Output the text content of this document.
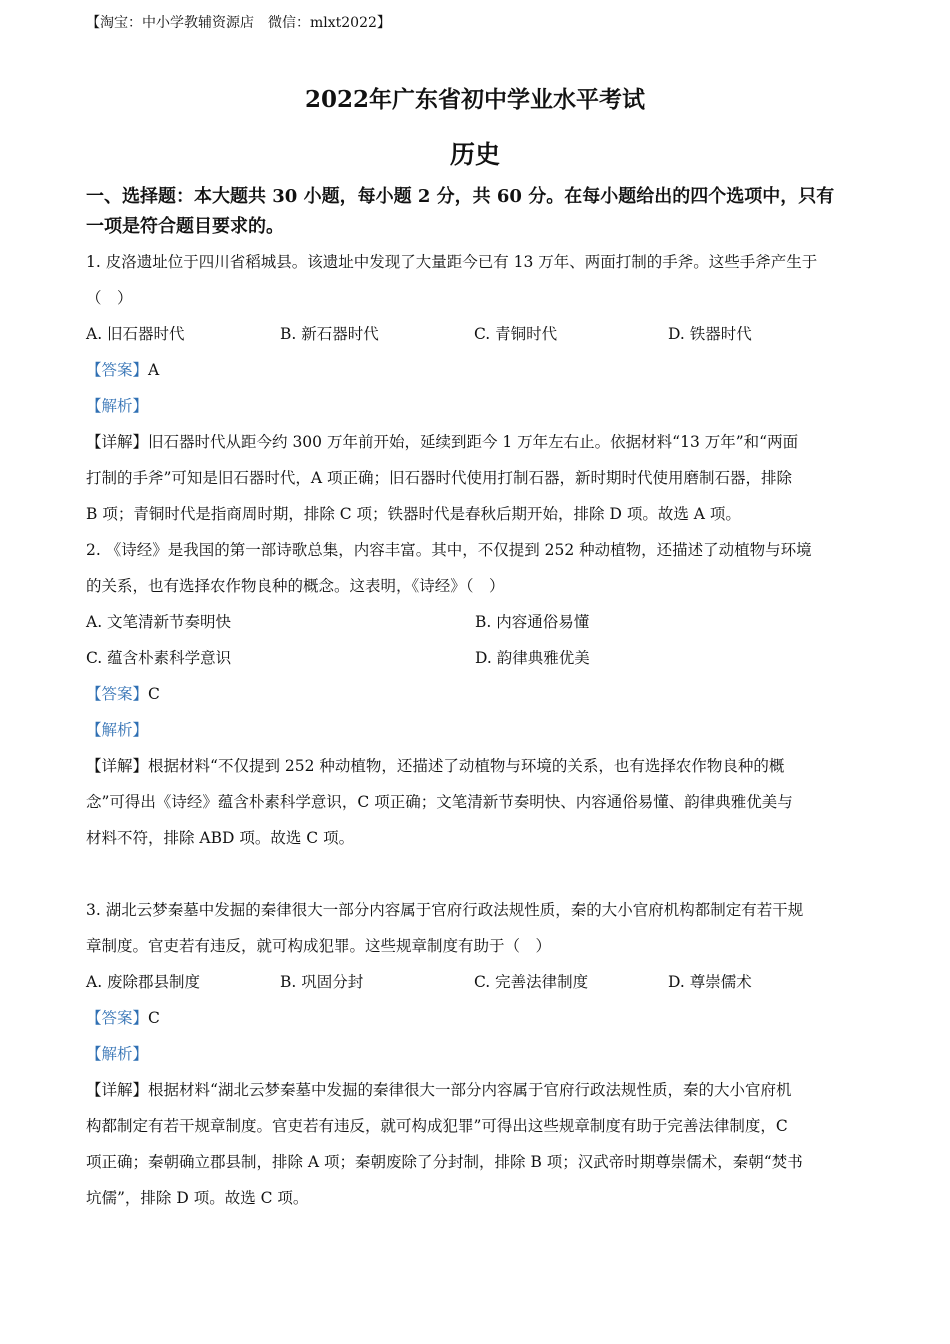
【淘宝：中小学教辅资源店　微信：mlxt2022】
2022年广东省初中学业水平考试
历史
一、选择题：本大题共 30 小题，每小题 2 分，共 60 分。在每小题给出的四个选项中，只有
一项是符合题目要求的。

1. 皮洛遗址位于四川省稻城县。该遗址中发现了大量距今已有 13 万年、两面打制的手斧。这些手斧产生于

（　）

A. 旧石器时代	B. 新石器时代	C. 青铜时代	D. 铁器时代

【答案】A

【解析】

【详解】旧石器时代从距今约 300 万年前开始，延续到距今 1 万年左右止。依据材料“13 万年”和“两面

打制的手斧”可知是旧石器时代，A 项正确；旧石器时代使用打制石器，新时期时代使用磨制石器，排除

B 项；青铜时代是指商周时期，排除 C 项；铁器时代是春秋后期开始，排除 D 项。故选 A 项。

2. 《诗经》是我国的第一部诗歌总集，内容丰富。其中，不仅提到 252 种动植物，还描述了动植物与环境

的关系，也有选择农作物良种的概念。这表明，《诗经》（　）

A. 文笔清新节奏明快	B. 内容通俗易懂
C. 蕴含朴素科学意识	D. 韵律典雅优美

【答案】C

【解析】

【详解】根据材料“不仅提到 252 种动植物，还描述了动植物与环境的关系，也有选择农作物良种的概

念”可得出《诗经》蕴含朴素科学意识，C 项正确；文笔清新节奏明快、内容通俗易懂、韵律典雅优美与

材料不符，排除 ABD 项。故选 C 项。

3. 湖北云梦秦墓中发掘的秦律很大一部分内容属于官府行政法规性质，秦的大小官府机构都制定有若干规

章制度。官吏若有违反，就可构成犯罪。这些规章制度有助于（　）

A. 废除郡县制度	B. 巩固分封	C. 完善法律制度	D. 尊崇儒术

【答案】C

【解析】

【详解】根据材料“湖北云梦秦墓中发掘的秦律很大一部分内容属于官府行政法规性质，秦的大小官府机

构都制定有若干规章制度。官吏若有违反，就可构成犯罪”可得出这些规章制度有助于完善法律制度，C

项正确；秦朝确立郡县制，排除 A 项；秦朝废除了分封制，排除 B 项；汉武帝时期尊崇儒术，秦朝“焚书

坑儒”，排除 D 项。故选 C 项。
